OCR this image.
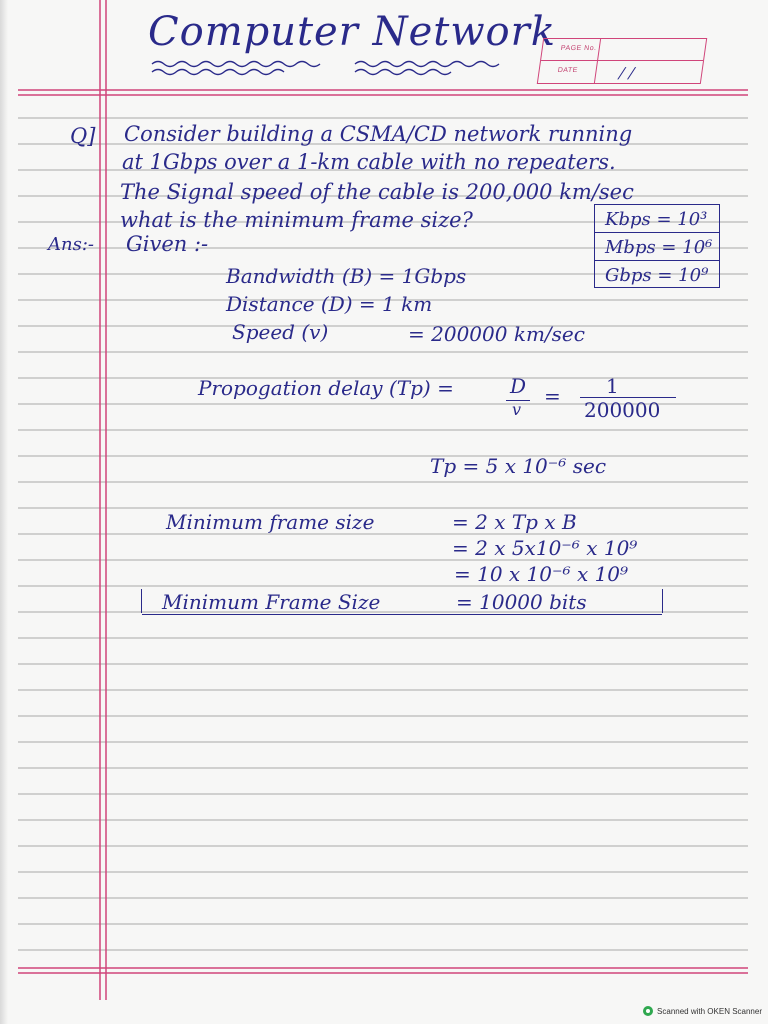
Computer Network PAGE No.
DATE	/ /
Q] Consider building a CSMA/CD network running
at 1Gbps over a 1-km cable with no repeaters.
The Signal speed of the cable is 200,000 km/sec
what is the minimum frame size?	Kbps = 10³
Mbps = 10⁶
Gbps = 10⁹
Ans:- Given :-
Bandwidth (B) = 1Gbps
Distance (D) = 1 km
Speed (v)	= 200000 km/sec
Propogation delay (Tp) =	D
v
= 1
200000
Tp = 5 x 10⁻⁶ sec
Minimum frame size	= 2 x Tp x B
= 2 x 5x10⁻⁶ x 10⁹
= 10 x 10⁻⁶ x 10⁹
Minimum Frame Size	= 10000 bits
Scanned with OKEN Scanner
